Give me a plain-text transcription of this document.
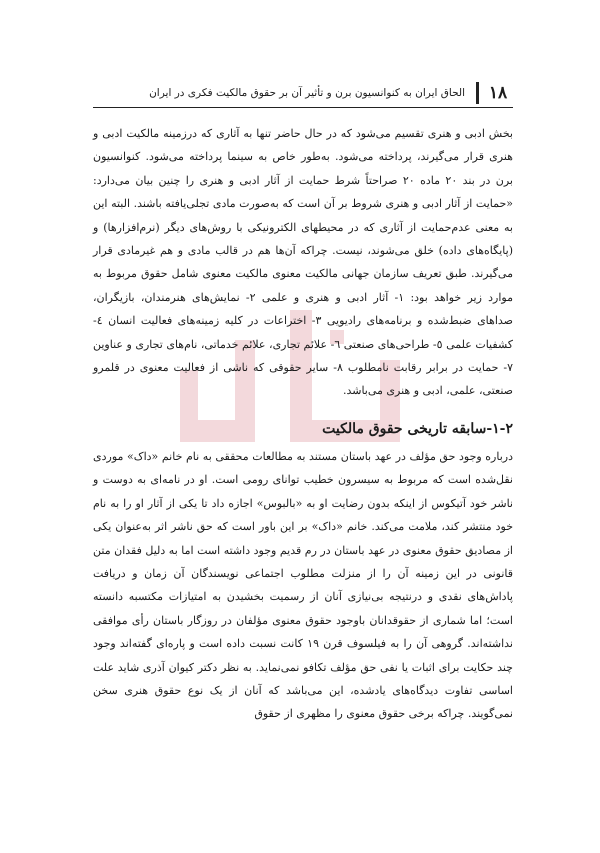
۱۸
الحاق ایران به کنوانسیون برن و تأثیر آن بر حقوق مالکیت فکری در ایران

بخش ادبی و هنری تقسیم می‌شود که در حال حاضر تنها به آثاری که درزمینه مالکیت ادبی و هنری قرار می‌گیرند، پرداخته می‌شود. به‌طور خاص به سینما پرداخته می‌شود. کنوانسیون برن در بند ۲۰ ماده ۲۰ صراحتاً شرط حمایت از آثار ادبی و هنری را چنین بیان می‌دارد: «حمایت از آثار ادبی و هنری شروط بر آن است که به‌صورت مادی تجلی‌یافته باشند. البته این به معنی عدم‌حمایت از آثاری که در محیطهای الکترونیکی با روش‌های دیگر (نرم‌افزارها) و (پایگاه‌های داده) خلق می‌شوند، نیست. چراکه آن‌ها هم در قالب مادی و هم غیرمادی قرار می‌گیرند. طبق تعریف سازمان جهانی مالکیت معنوی مالکیت معنوی شامل حقوق مربوط به موارد زیر خواهد بود: ۱- آثار ادبی و هنری و علمی ۲- نمایش‌های هنرمندان، بازیگران، صداهای ضبط‌شده و برنامه‌های رادیویی ۳- اختراعات در کلیه زمینه‌های فعالیت انسان ٤- کشفیات علمی ٥- طراحی‌های صنعتی ٦- علائم تجاری، علائم خدماتی، نام‌های تجاری و عناوین ۷- حمایت در برابر رقابت نامطلوب ۸- سایر حقوقی که ناشی از فعالیت معنوی در قلمرو صنعتی، علمی، ادبی و هنری می‌باشد.

۱-۲-سابقه تاریخی حقوق مالکیت

درباره وجود حق مؤلف در عهد باستان مستند به مطالعات محققی به نام خانم «داک» موردی نقل‌شده است که مربوط به سیسرون خطیب توانای رومی است. او در نامه‌ای به دوست و ناشر خود آتیکوس از اینکه بدون رضایت او به «بالبوس» اجازه داد تا یکی از آثار او را به نام خود منتشر کند، ملامت می‌کند. خانم «داک» بر این باور است که حق ناشر اثر به‌عنوان یکی از مصادیق حقوق معنوی در عهد باستان در رم قدیم وجود داشته است اما به دلیل فقدان متن قانونی در این زمینه آن را از منزلت مطلوب اجتماعی نویسندگان آن زمان و دریافت پاداش‌های نقدی و درنتیجه بی‌نیازی آنان از رسمیت بخشیدن به امتیازات مکتسبه دانسته است؛ اما شماری از حقوقدانان باوجود حقوق معنوی مؤلفان در روزگار باستان رأی موافقی نداشته‌اند. گروهی آن را به فیلسوف قرن ۱۹ کانت نسبت داده است و پاره‌ای گفته‌اند وجود چند حکایت برای اثبات یا نفی حق مؤلف تکافو نمی‌نماید. به نظر دکتر کیوان آذری شاید علت اساسی تفاوت دیدگاه‌های یادشده، این می‌باشد که آنان از یک نوع حقوق هنری سخن نمی‌گویند. چراکه برخی حقوق معنوی را مظهری از حقوق
